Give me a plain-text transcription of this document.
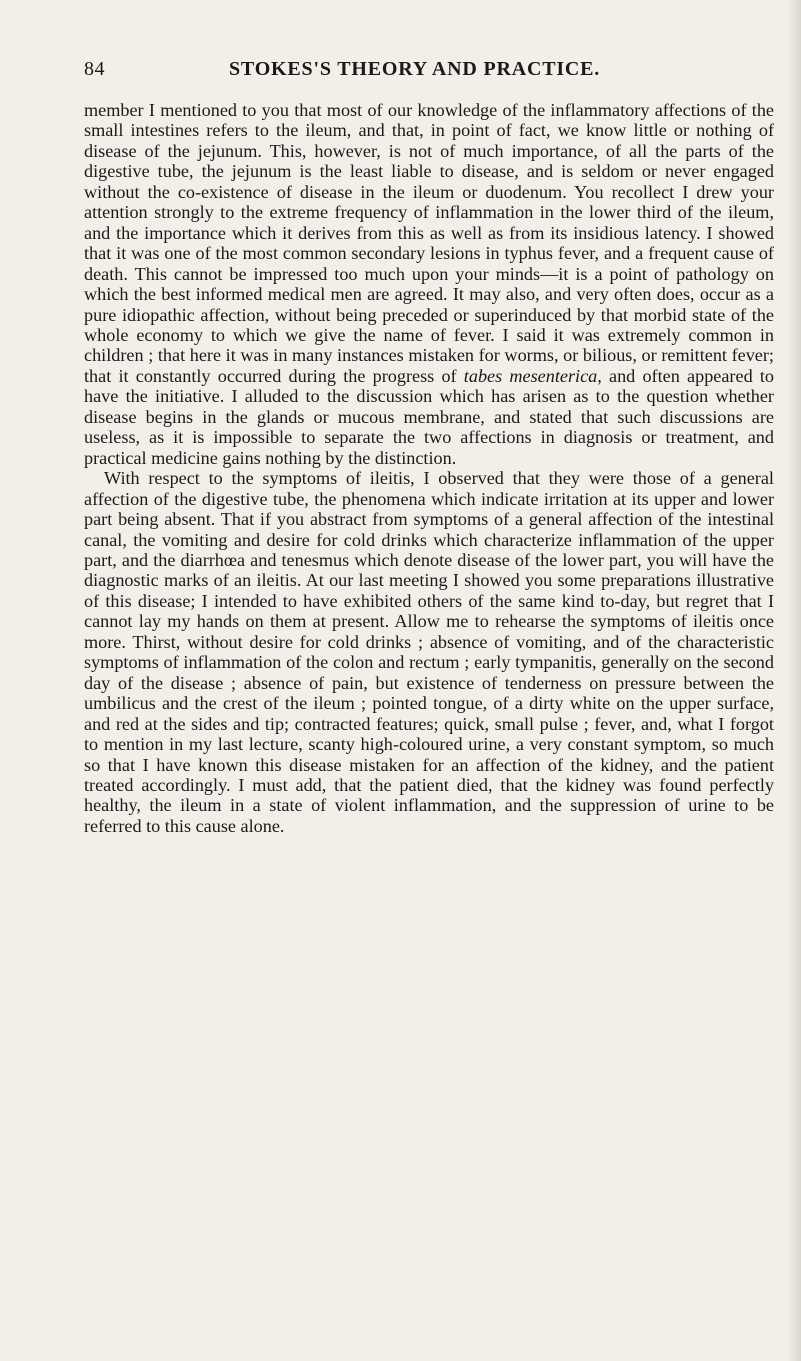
84	STOKES'S THEORY AND PRACTICE.

member I mentioned to you that most of our knowledge of the inflammatory affections of the small intestines refers to the ileum, and that, in point of fact, we know little or nothing of disease of the jejunum. This, however, is not of much importance, of all the parts of the digestive tube, the jejunum is the least liable to disease, and is seldom or never engaged without the co-existence of disease in the ileum or duodenum. You recollect I drew your attention strongly to the extreme frequency of inflammation in the lower third of the ileum, and the importance which it derives from this as well as from its insidious latency. I showed that it was one of the most common secondary lesions in typhus fever, and a frequent cause of death. This cannot be impressed too much upon your minds—it is a point of pathology on which the best informed medical men are agreed. It may also, and very often does, occur as a pure idiopathic affection, without being preceded or superinduced by that morbid state of the whole economy to which we give the name of fever. I said it was extremely common in children ; that here it was in many instances mistaken for worms, or bilious, or remittent fever; that it constantly occurred during the progress of tabes mesenterica, and often appeared to have the initiative. I alluded to the discussion which has arisen as to the question whether disease begins in the glands or mucous membrane, and stated that such discussions are useless, as it is impossible to separate the two affections in diagnosis or treatment, and practical medicine gains nothing by the distinction.

With respect to the symptoms of ileitis, I observed that they were those of a general affection of the digestive tube, the phenomena which indicate irritation at its upper and lower part being absent. That if you abstract from symptoms of a general affection of the intestinal canal, the vomiting and desire for cold drinks which characterize inflammation of the upper part, and the diarrhœa and tenesmus which denote disease of the lower part, you will have the diagnostic marks of an ileitis. At our last meeting I showed you some preparations illustrative of this disease; I intended to have exhibited others of the same kind to-day, but regret that I cannot lay my hands on them at present. Allow me to rehearse the symptoms of ileitis once more. Thirst, without desire for cold drinks ; absence of vomiting, and of the characteristic symptoms of inflammation of the colon and rectum ; early tympanitis, generally on the second day of the disease ; absence of pain, but existence of tenderness on pressure between the umbilicus and the crest of the ileum ; pointed tongue, of a dirty white on the upper surface, and red at the sides and tip; contracted features; quick, small pulse ; fever, and, what I forgot to mention in my last lecture, scanty high-coloured urine, a very constant symptom, so much so that I have known this disease mistaken for an affection of the kidney, and the patient treated accordingly. I must add, that the patient died, that the kidney was found perfectly healthy, the ileum in a state of violent inflammation, and the suppression of urine to be referred to this cause alone.
